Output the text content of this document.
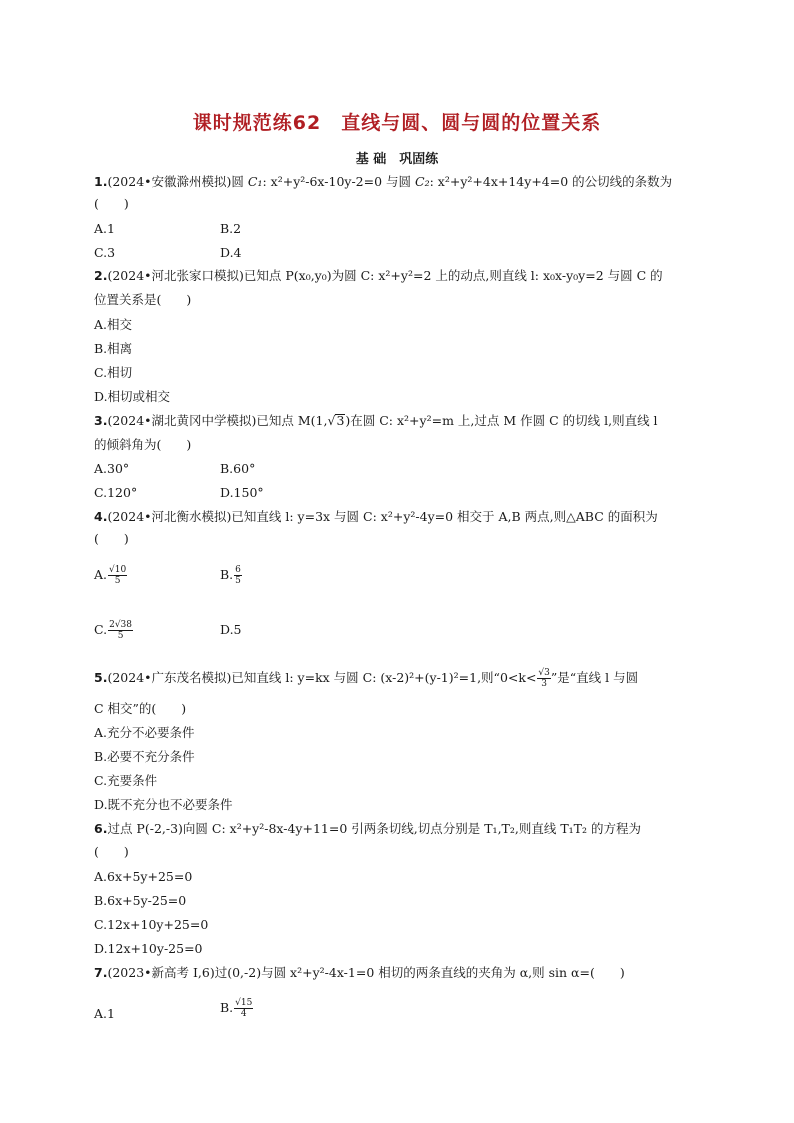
课时规范练62　直线与圆、圆与圆的位置关系
基 础　巩固练
1.(2024•安徽滁州模拟)圆 C₁: x²+y²-6x-10y-2=0 与圆 C₂: x²+y²+4x+14y+4=0 的公切线的条数为
(　　)
A.1	B.2
C.3	D.4
2.(2024•河北张家口模拟)已知点 P(x₀,y₀)为圆 C: x²+y²=2 上的动点,则直线 l: x₀x-y₀y=2 与圆 C 的
位置关系是(　　)
A.相交
B.相离
C.相切
D.相切或相交
3.(2024•湖北黄冈中学模拟)已知点 M(1,√3)在圆 C: x²+y²=m 上,过点 M 作圆 C 的切线 l,则直线 l
的倾斜角为(　　)
A.30°	B.60°
C.120°	D.150°
4.(2024•河北衡水模拟)已知直线 l: y=3x 与圆 C: x²+y²-4y=0 相交于 A,B 两点,则△ABC 的面积为
(　　)
A. $\frac{√10}{5}$	B. $\frac{6}{5}$
C. $\frac{2√38}{5}$	D.5
5.(2024•广东茂名模拟)已知直线 l: y=kx 与圆 C: (x-2)²+(y-1)²=1,则“$0<k< \frac{√3}{3}$ ”是“直线 l 与圆
C 相交”的(　　)
A.充分不必要条件
B.必要不充分条件
C.充要条件
D.既不充分也不必要条件
6.过点 P(-2,-3)向圆 C: x²+y²-8x-4y+11=0 引两条切线,切点分别是 T₁,T₂,则直线 T₁T₂ 的方程为
(　　)
A.6x+5y+25=0
B.6x+5y-25=0
C.12x+10y+25=0
D.12x+10y-25=0
7.(2023•新高考 Ⅰ,6)过(0,-2)与圆 x²+y²-4x-1=0 相切的两条直线的夹角为 α,则 sin α=(　　)
A.1	B. $\frac{√15}{4}$
